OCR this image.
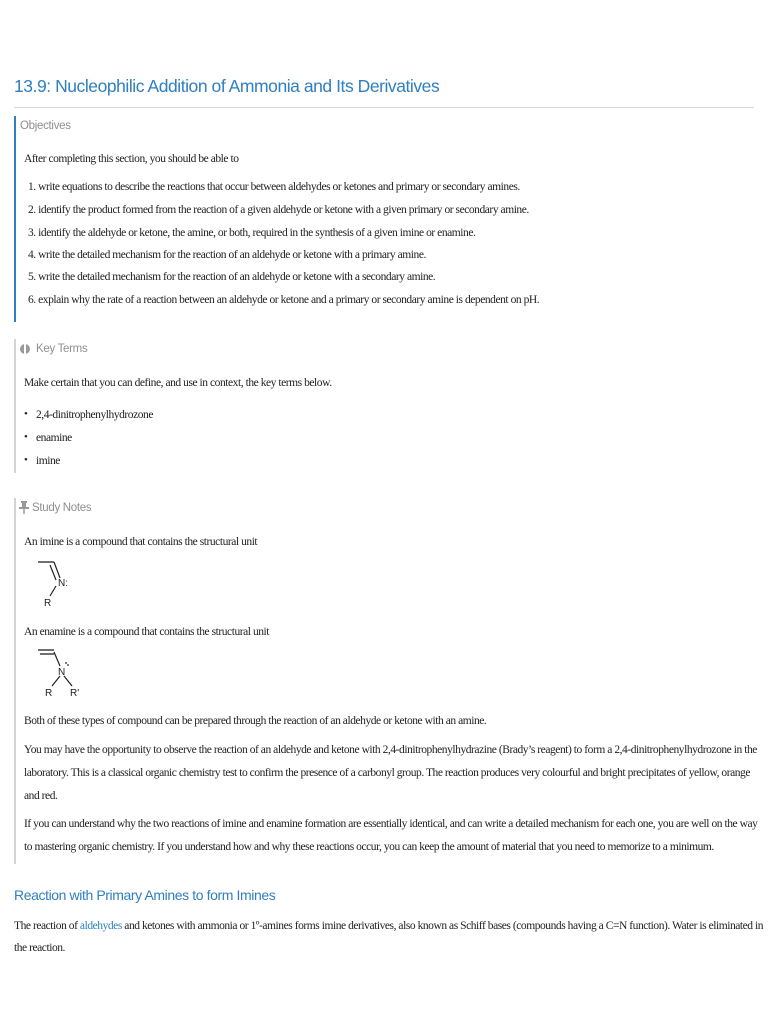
13.9: Nucleophilic Addition of Ammonia and Its Derivatives
Objectives
After completing this section, you should be able to
1. write equations to describe the reactions that occur between aldehydes or ketones and primary or secondary amines.
2. identify the product formed from the reaction of a given aldehyde or ketone with a given primary or secondary amine.
3. identify the aldehyde or ketone, the amine, or both, required in the synthesis of a given imine or enamine.
4. write the detailed mechanism for the reaction of an aldehyde or ketone with a primary amine.
5. write the detailed mechanism for the reaction of an aldehyde or ketone with a secondary amine.
6. explain why the rate of a reaction between an aldehyde or ketone and a primary or secondary amine is dependent on pH.
Key Terms
Make certain that you can define, and use in context, the key terms below.
• 2,4-dinitrophenylhydrozone
• enamine
• imine
Study Notes
An imine is a compound that contains the structural unit
N:
R
An enamine is a compound that contains the structural unit
N
R R'
Both of these types of compound can be prepared through the reaction of an aldehyde or ketone with an amine.
You may have the opportunity to observe the reaction of an aldehyde and ketone with 2,4-dinitrophenylhydrazine (Brady’s reagent) to form a 2,4-dinitrophenylhydrozone in the
laboratory. This is a classical organic chemistry test to confirm the presence of a carbonyl group. The reaction produces very colourful and bright precipitates of yellow, orange
and red.
If you can understand why the two reactions of imine and enamine formation are essentially identical, and can write a detailed mechanism for each one, you are well on the way
to mastering organic chemistry. If you understand how and why these reactions occur, you can keep the amount of material that you need to memorize to a minimum.
Reaction with Primary Amines to form Imines
The reaction of aldehydes and ketones with ammonia or 1º-amines forms imine derivatives, also known as Schiff bases (compounds having a C=N function). Water is eliminated in
the reaction.
